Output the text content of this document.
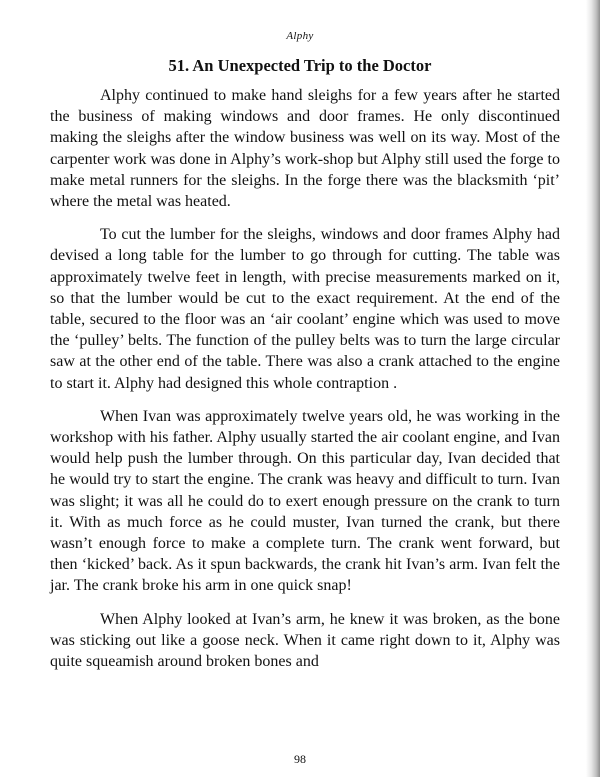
Alphy
51. An Unexpected Trip to the Doctor

Alphy continued to make hand sleighs for a few years after he started the business of making windows and door frames. He only discontinued making the sleighs after the window business was well on its way. Most of the carpenter work was done in Alphy’s work-shop but Alphy still used the forge to make metal runners for the sleighs. In the forge there was the blacksmith ‘pit’ where the metal was heated.

To cut the lumber for the sleighs, windows and door frames Alphy had devised a long table for the lumber to go through for cutting. The table was approximately twelve feet in length, with precise measurements marked on it, so that the lumber would be cut to the exact requirement. At the end of the table, secured to the floor was an ‘air coolant’ engine which was used to move the ‘pulley’ belts. The function of the pulley belts was to turn the large circular saw at the other end of the table. There was also a crank attached to the engine to start it. Alphy had designed this whole contraption .

When Ivan was approximately twelve years old, he was working in the workshop with his father. Alphy usually started the air coolant engine, and Ivan would help push the lumber through. On this particular day, Ivan decided that he would try to start the engine. The crank was heavy and difficult to turn. Ivan was slight; it was all he could do to exert enough pressure on the crank to turn it. With as much force as he could muster, Ivan turned the crank, but there wasn’t enough force to make a complete turn. The crank went forward, but then ‘kicked’ back. As it spun backwards, the crank hit Ivan’s arm. Ivan felt the jar. The crank broke his arm in one quick snap!

When Alphy looked at Ivan’s arm, he knew it was broken, as the bone was sticking out like a goose neck. When it came right down to it, Alphy was quite squeamish around broken bones and

98
